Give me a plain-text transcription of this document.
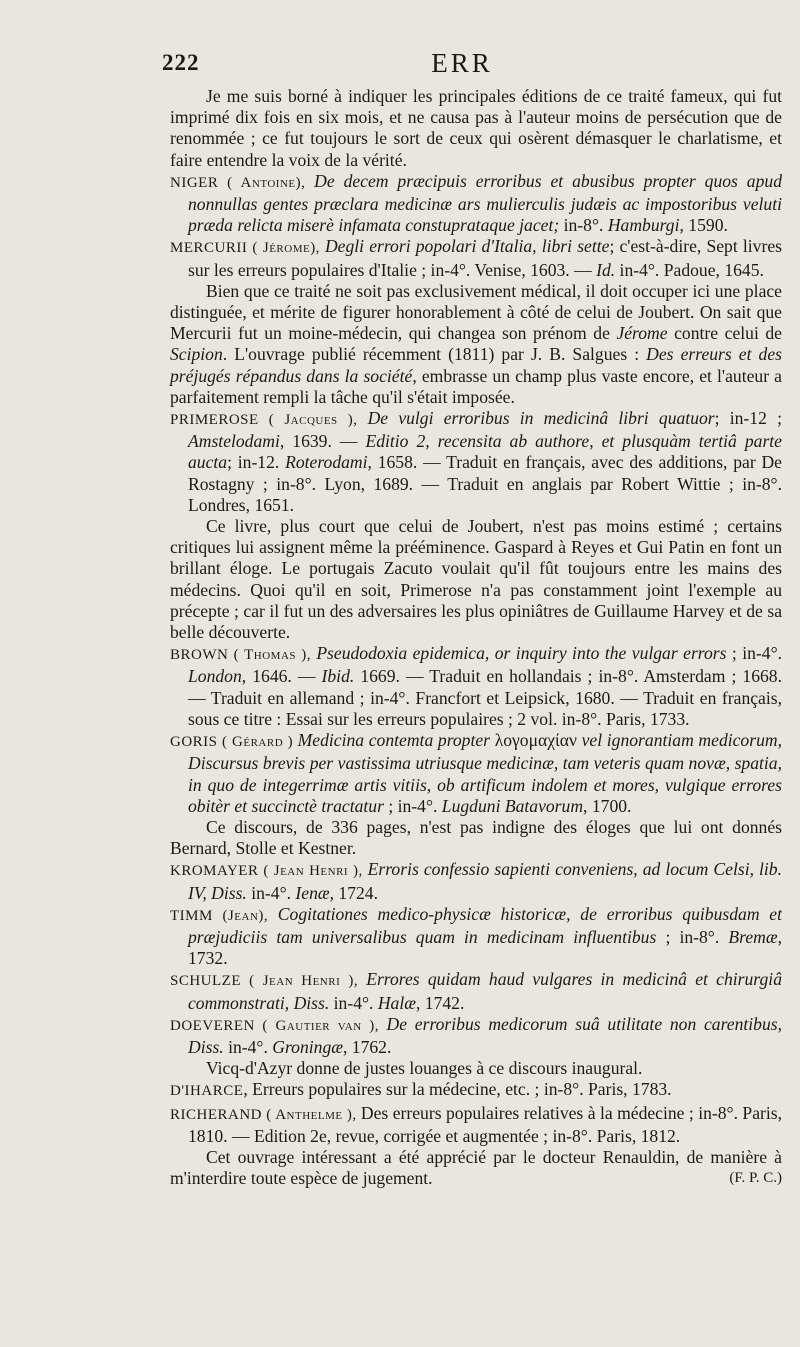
222	ERR

Je me suis borné à indiquer les principales éditions de ce traité fameux, qui fut imprimé dix fois en six mois, et ne causa pas à l'auteur moins de persécution que de renommée ; ce fut toujours le sort de ceux qui osèrent démasquer le charlatisme, et faire entendre la voix de la vérité.

NIGER ( Antoine), De decem præcipuis erroribus et abusibus propter quos apud nonnullas gentes præclara medicinæ ars mulierculis judæis ac impostoribus veluti præda relicta miserè infamata constuprataque jacet; in-8°. Hamburgi, 1590.

MERCURII ( Jérome), Degli errori popolari d'Italia, libri sette; c'est-à-dire, Sept livres sur les erreurs populaires d'Italie ; in-4°. Venise, 1603. — Id. in-4°. Padoue, 1645.

Bien que ce traité ne soit pas exclusivement médical, il doit occuper ici une place distinguée, et mérite de figurer honorablement à côté de celui de Joubert. On sait que Mercurii fut un moine-médecin, qui changea son prénom de Jérome contre celui de Scipion. L'ouvrage publié récemment (1811) par J. B. Salgues : Des erreurs et des préjugés répandus dans la société, embrasse un champ plus vaste encore, et l'auteur a parfaitement rempli la tâche qu'il s'était imposée.

PRIMEROSE ( Jacques ), De vulgi erroribus in medicinâ libri quatuor; in-12 ; Amstelodami, 1639. — Editio 2, recensita ab authore, et plusquàm tertiâ parte aucta; in-12. Roterodami, 1658. — Traduit en français, avec des additions, par De Rostagny ; in-8°. Lyon, 1689. — Traduit en anglais par Robert Wittie ; in-8°. Londres, 1651.

Ce livre, plus court que celui de Joubert, n'est pas moins estimé ; certains critiques lui assignent même la prééminence. Gaspard à Reyes et Gui Patin en font un brillant éloge. Le portugais Zacuto voulait qu'il fût toujours entre les mains des médecins. Quoi qu'il en soit, Primerose n'a pas constamment joint l'exemple au précepte ; car il fut un des adversaires les plus opiniâtres de Guillaume Harvey et de sa belle découverte.

BROWN ( Thomas ), Pseudodoxia epidemica, or inquiry into the vulgar errors ; in-4°. London, 1646. — Ibid. 1669. — Traduit en hollandais ; in-8°. Amsterdam ; 1668. — Traduit en allemand ; in-4°. Francfort et Leipsick, 1680. — Traduit en français, sous ce titre : Essai sur les erreurs populaires ; 2 vol. in-8°. Paris, 1733.

GORIS ( Gérard ) Medicina contemta propter λογομαχίαν vel ignorantiam medicorum, Discursus brevis per vastissima utriusque medicinæ, tam veteris quam novæ, spatia, in quo de integerrimæ artis vitiis, ob artificum indolem et mores, vulgique errores obitèr et succinctè tractatur ; in-4°. Lugduni Batavorum, 1700.

Ce discours, de 336 pages, n'est pas indigne des éloges que lui ont donnés Bernard, Stolle et Kestner.

KROMAYER ( Jean Henri ), Erroris confessio sapienti conveniens, ad locum Celsi, lib. IV, Diss. in-4°. Ienæ, 1724.

TIMM (Jean), Cogitationes medico-physicæ historicæ, de erroribus quibusdam et præjudiciis tam universalibus quam in medicinam influentibus ; in-8°. Bremæ, 1732.

SCHULZE ( Jean Henri ), Errores quidam haud vulgares in medicinâ et chirurgiâ commonstrati, Diss. in-4°. Halæ, 1742.

DOEVEREN ( Gautier van ), De erroribus medicorum suâ utilitate non carentibus, Diss. in-4°. Groningæ, 1762.

Vicq-d'Azyr donne de justes louanges à ce discours inaugural.

D'IHARCE, Erreurs populaires sur la médecine, etc. ; in-8°. Paris, 1783.

RICHERAND ( Anthelme ), Des erreurs populaires relatives à la médecine ; in-8°. Paris, 1810. — Edition 2e, revue, corrigée et augmentée ; in-8°. Paris, 1812.

Cet ouvrage intéressant a été apprécié par le docteur Renauldin, de manière à m'interdire toute espèce de jugement.	(F. P. C.)
